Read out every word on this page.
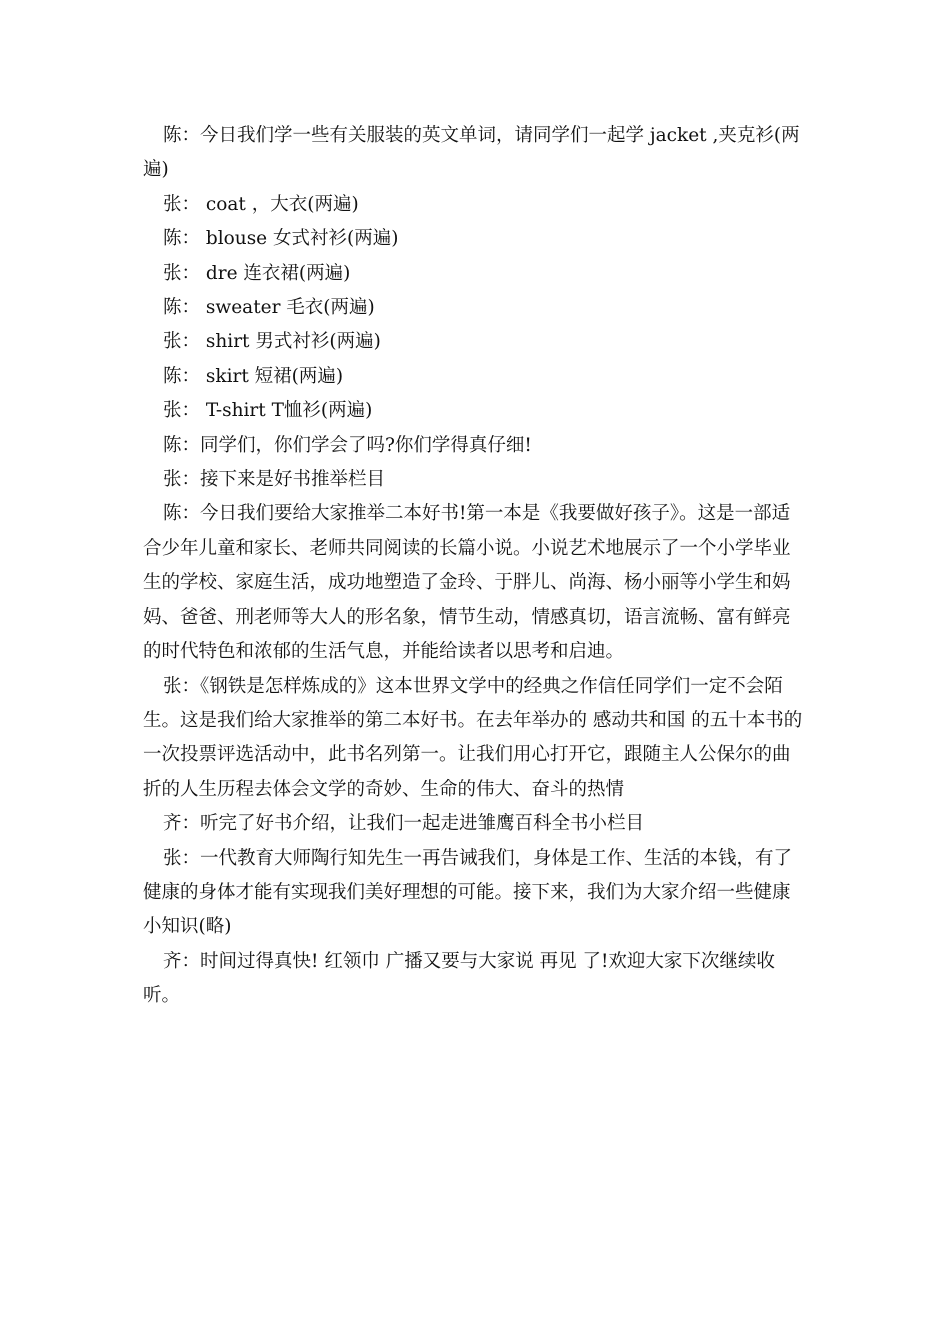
陈：今日我们学一些有关服装的英文单词，请同学们一起学 jacket ,夹克衫(两遍)

张： coat ，大衣(两遍)

陈： blouse 女式衬衫(两遍)

张： dre 连衣裙(两遍)

陈： sweater 毛衣(两遍)

张： shirt 男式衬衫(两遍)

陈： skirt 短裙(两遍)

张： T-shirt T恤衫(两遍)

陈：同学们，你们学会了吗?你们学得真仔细!

张：接下来是好书推举栏目

陈：今日我们要给大家推举二本好书!第一本是《我要做好孩子》。这是一部适合少年儿童和家长、老师共同阅读的长篇小说。小说艺术地展示了一个小学毕业生的学校、家庭生活，成功地塑造了金玲、于胖儿、尚海、杨小丽等小学生和妈妈、爸爸、刑老师等大人的形名象，情节生动，情感真切，语言流畅、富有鲜亮的时代特色和浓郁的生活气息，并能给读者以思考和启迪。

张：《钢铁是怎样炼成的》这本世界文学中的经典之作信任同学们一定不会陌生。这是我们给大家推举的第二本好书。在去年举办的 感动共和国 的五十本书的一次投票评选活动中，此书名列第一。让我们用心打开它，跟随主人公保尔的曲折的人生历程去体会文学的奇妙、生命的伟大、奋斗的热情

齐：听完了好书介绍，让我们一起走进雏鹰百科全书小栏目

张：一代教育大师陶行知先生一再告诫我们，身体是工作、生活的本钱，有了健康的身体才能有实现我们美好理想的可能。接下来，我们为大家介绍一些健康小知识(略)

齐：时间过得真快! 红领巾 广播又要与大家说 再见 了!欢迎大家下次继续收听。
